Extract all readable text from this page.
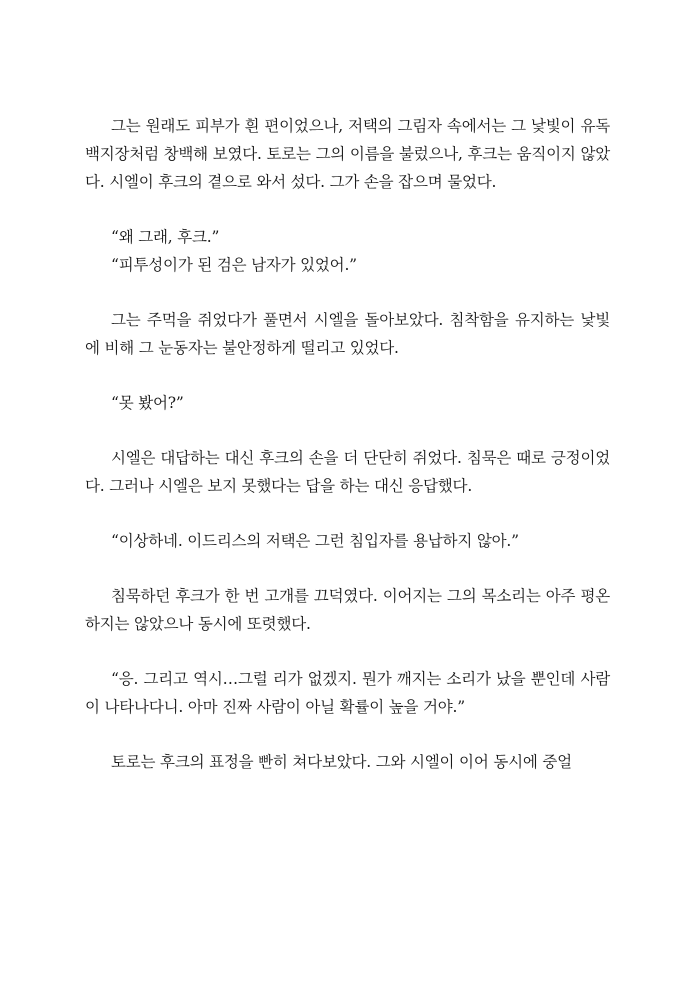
그는 원래도 피부가 흰 편이었으나, 저택의 그림자 속에서는 그 낯빛이 유독 백지장처럼 창백해 보였다. 토로는 그의 이름을 불렀으나, 후크는 움직이지 않았다. 시엘이 후크의 곁으로 와서 섰다. 그가 손을 잡으며 물었다.

“왜 그래, 후크.”

“피투성이가 된 검은 남자가 있었어.”

그는 주먹을 쥐었다가 풀면서 시엘을 돌아보았다. 침착함을 유지하는 낯빛에 비해 그 눈동자는 불안정하게 떨리고 있었다.

“못 봤어?”

시엘은 대답하는 대신 후크의 손을 더 단단히 쥐었다. 침묵은 때로 긍정이었다. 그러나 시엘은 보지 못했다는 답을 하는 대신 응답했다.

“이상하네. 이드리스의 저택은 그런 침입자를 용납하지 않아.”

침묵하던 후크가 한 번 고개를 끄덕였다. 이어지는 그의 목소리는 아주 평온하지는 않았으나 동시에 또렷했다.

“응. 그리고 역시…그럴 리가 없겠지. 뭔가 깨지는 소리가 났을 뿐인데 사람이 나타나다니. 아마 진짜 사람이 아닐 확률이 높을 거야.”

토로는 후크의 표정을 빤히 쳐다보았다. 그와 시엘이 이어 동시에 중얼
